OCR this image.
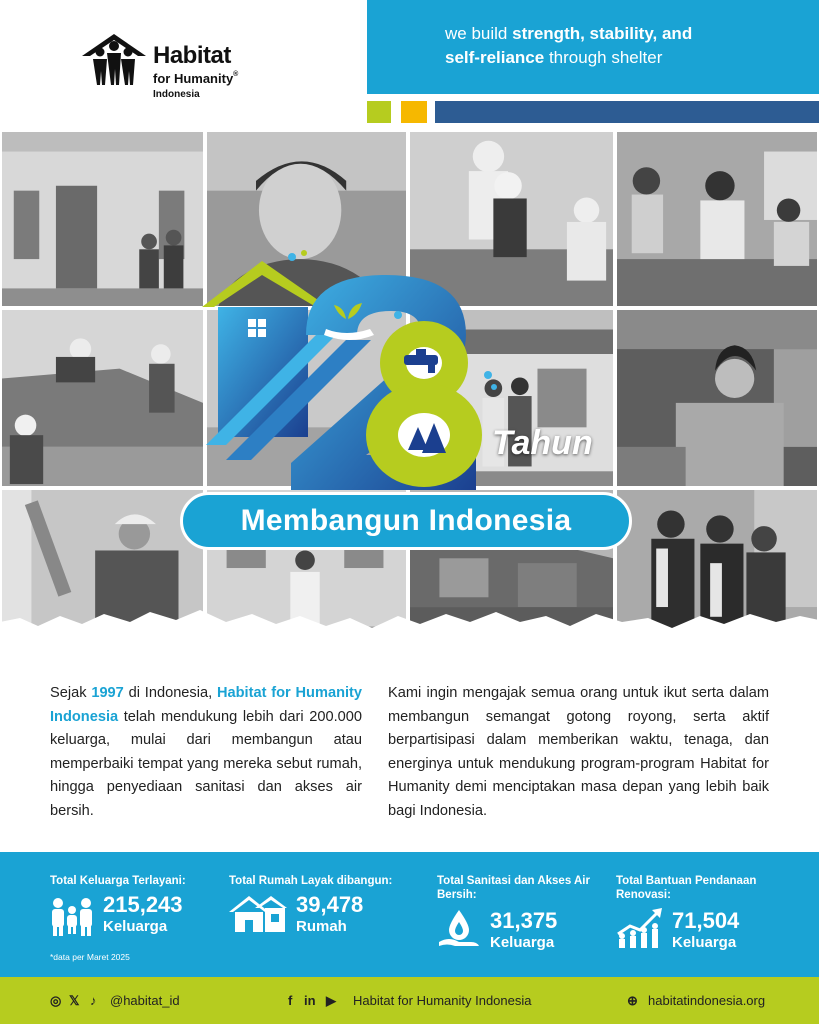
Habitat
for Humanity®
Indonesia
we build strength, stability, and
self-reliance through shelter
Tahun
Membangun Indonesia

Sejak 1997 di Indonesia, Habitat for Humanity Indonesia telah mendukung lebih dari 200.000 keluarga, mulai dari membangun atau memperbaiki tempat yang mereka sebut rumah, hingga penyediaan sanitasi dan akses air bersih.

Kami ingin mengajak semua orang untuk ikut serta dalam membangun semangat gotong royong, serta aktif berpartisipasi dalam memberikan waktu, tenaga, dan energinya untuk mendukung program-program Habitat for Humanity demi menciptakan masa depan yang lebih baik bagi Indonesia.

Total Keluarga Terlayani:
215,243
Keluarga
Total Rumah Layak dibangun:
39,478
Rumah
Total Sanitasi dan Akses Air Bersih:
31,375
Keluarga
Total Bantuan Pendanaan Renovasi:
71,504
Keluarga
*data per Maret 2025
◎ 𝕏 ♪ @habitat_id	f in ▶ Habitat for Humanity Indonesia	⊕ habitatindonesia.org
